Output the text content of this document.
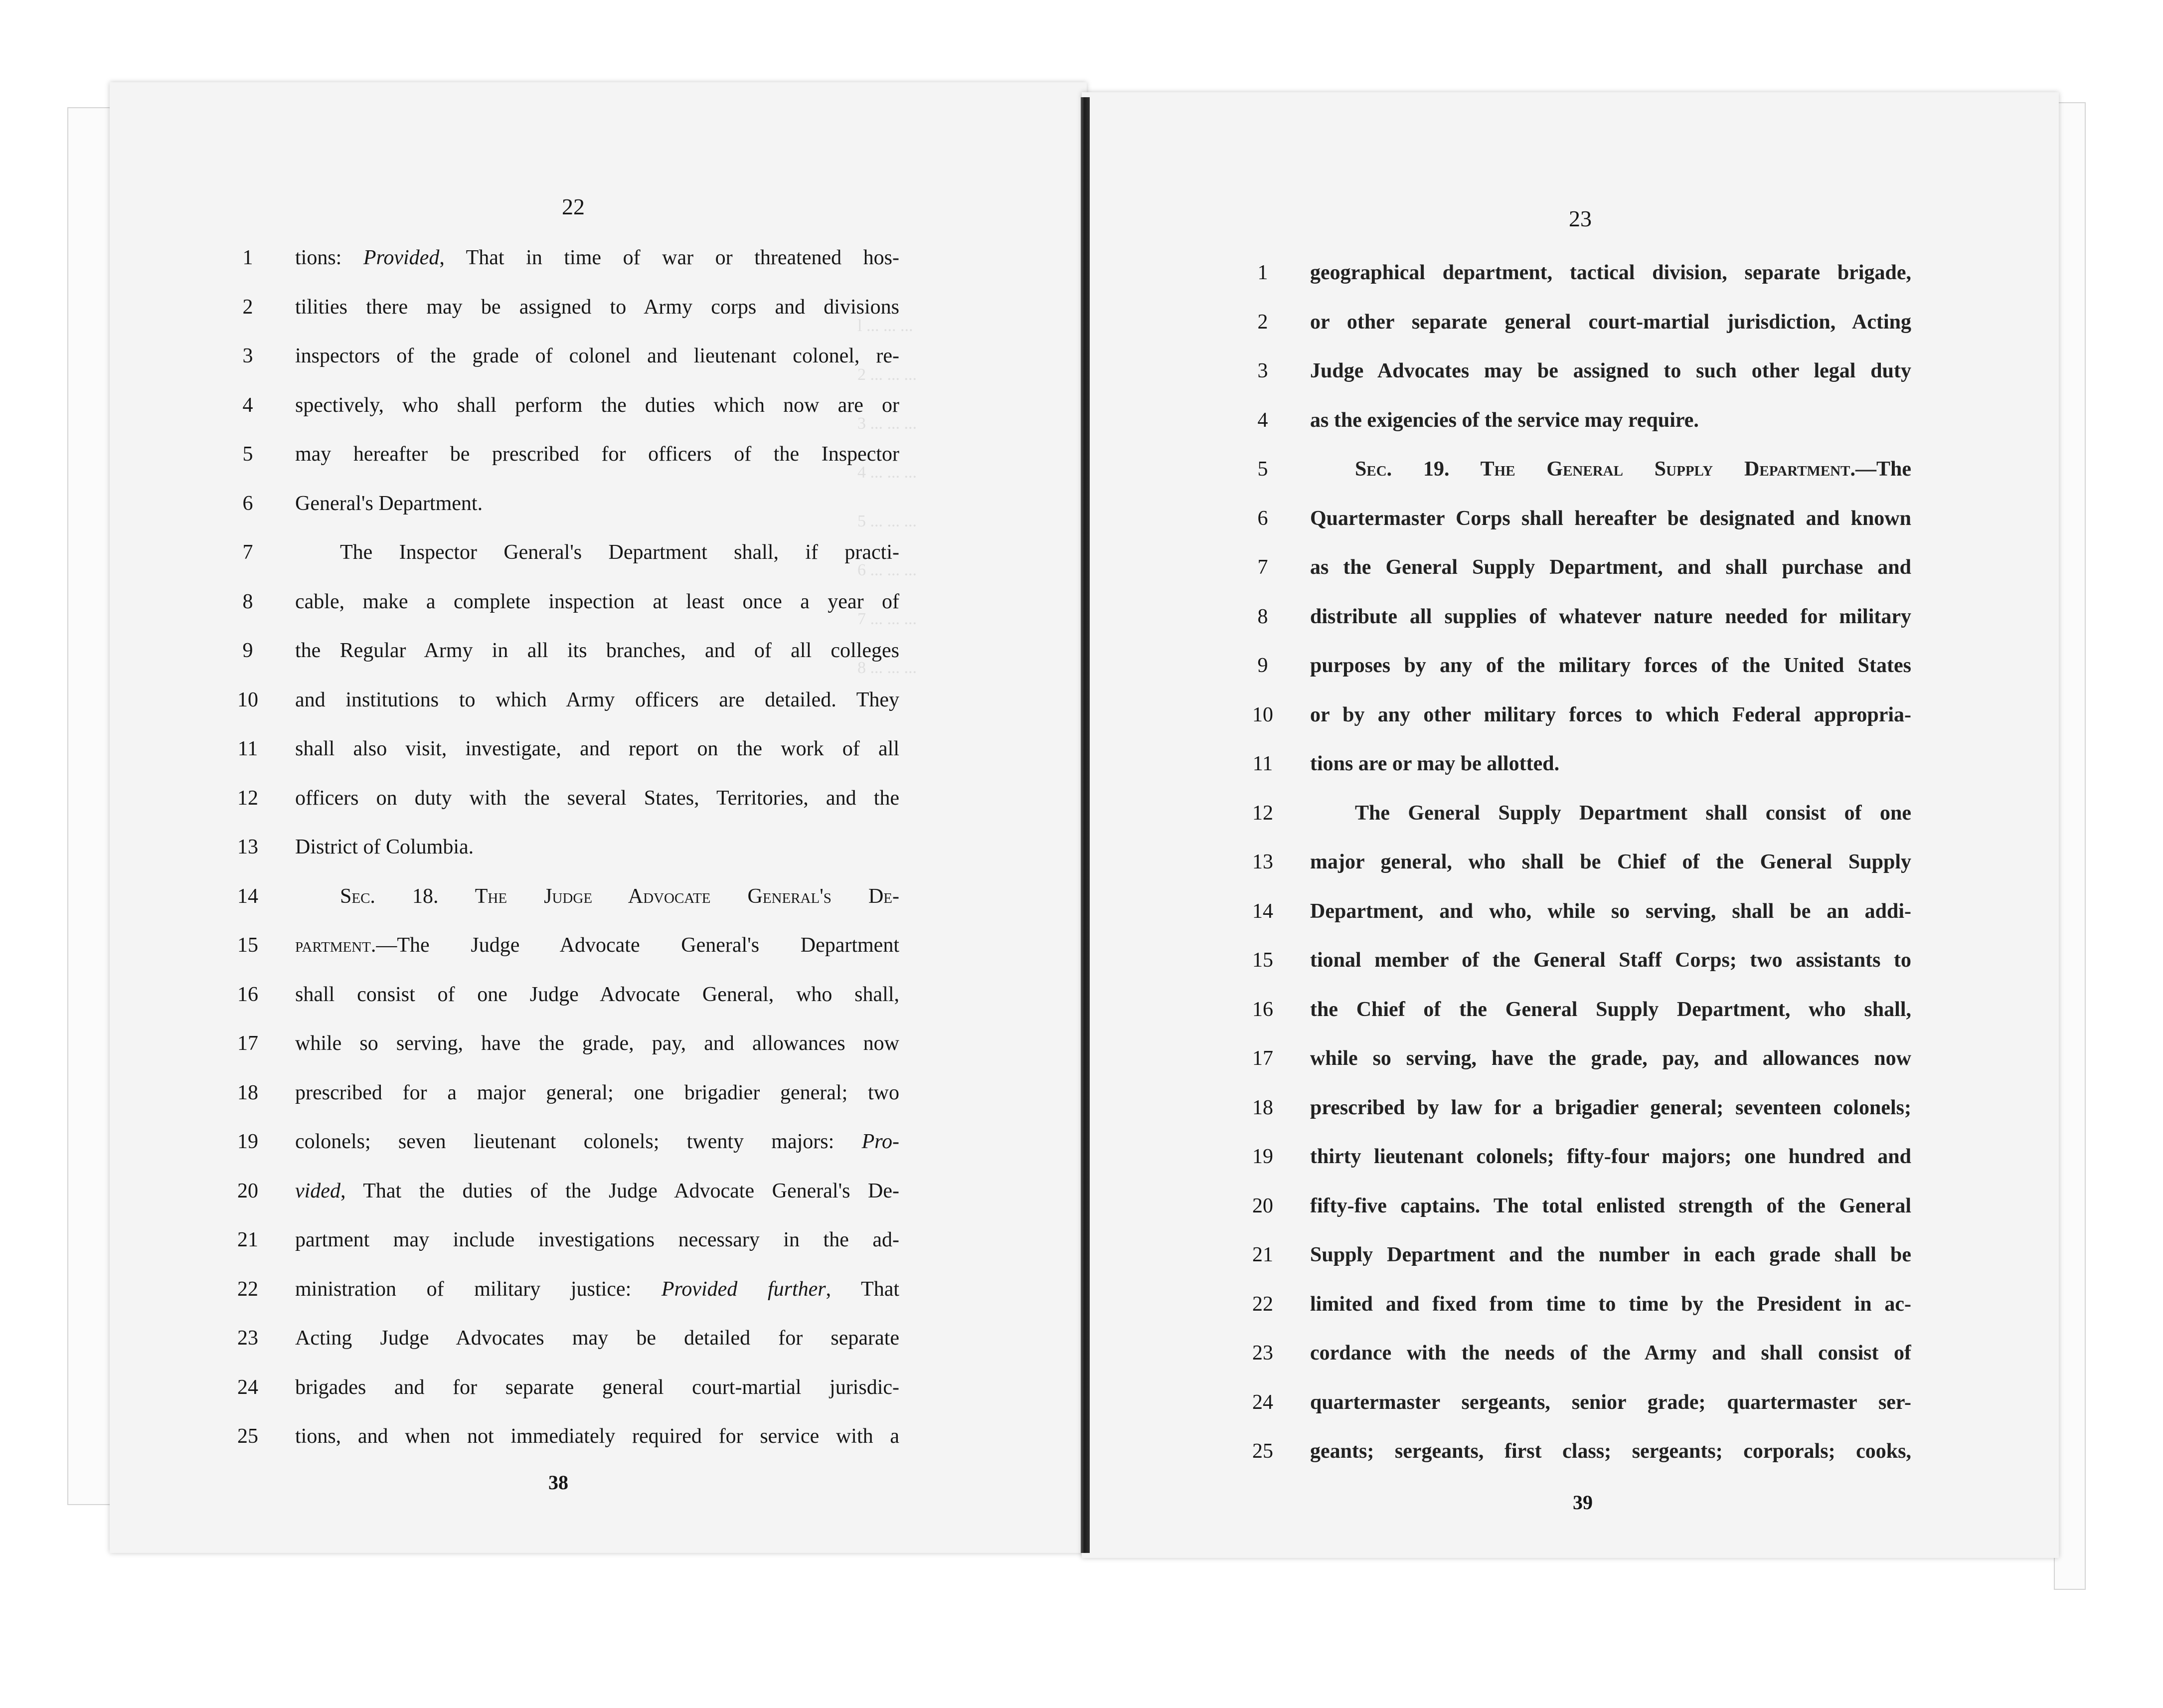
l ... ... ...
2 ... ... ...
3 ... ... ...
4 ... ... ...
5 ... ... ...
6 ... ... ...
7 ... ... ...
8 ... ... ...
22	23
1	tions: Provided, That in time of war or threatened hos-
2	tilities there may be assigned to Army corps and divisions
3	inspectors of the grade of colonel and lieutenant colonel, re-
4	spectively, who shall perform the duties which now are or
5	may hereafter be prescribed for officers of the Inspector
6	General's Department.
7	The Inspector General's Department shall, if practi-
8	cable, make a complete inspection at least once a year of
9	the Regular Army in all its branches, and of all colleges
10	and institutions to which Army officers are detailed. They
11	shall also visit, investigate, and report on the work of all
12	officers on duty with the several States, Territories, and the
13	District of Columbia.
14	Sec. 18. The Judge Advocate General's De-
15	partment.—The Judge Advocate General's Department
16	shall consist of one Judge Advocate General, who shall,
17	while so serving, have the grade, pay, and allowances now
18	prescribed for a major general; one brigadier general; two
19	colonels; seven lieutenant colonels; twenty majors: Pro-
20	vided, That the duties of the Judge Advocate General's De-
21	partment may include investigations necessary in the ad-
22	ministration of military justice: Provided further, That
23	Acting Judge Advocates may be detailed for separate
24	brigades and for separate general court-martial jurisdic-
25	tions, and when not immediately required for service with a
1	geographical department, tactical division, separate brigade,
2	or other separate general court-martial jurisdiction, Acting
3	Judge Advocates may be assigned to such other legal duty
4	as the exigencies of the service may require.
5	Sec. 19. The General Supply Department.—The
6	Quartermaster Corps shall hereafter be designated and known
7	as the General Supply Department, and shall purchase and
8	distribute all supplies of whatever nature needed for military
9	purposes by any of the military forces of the United States
10	or by any other military forces to which Federal appropria-
11	tions are or may be allotted.
12	The General Supply Department shall consist of one
13	major general, who shall be Chief of the General Supply
14	Department, and who, while so serving, shall be an addi-
15	tional member of the General Staff Corps; two assistants to
16	the Chief of the General Supply Department, who shall,
17	while so serving, have the grade, pay, and allowances now
18	prescribed by law for a brigadier general; seventeen colonels;
19	thirty lieutenant colonels; fifty-four majors; one hundred and
20	fifty-five captains. The total enlisted strength of the General
21	Supply Department and the number in each grade shall be
22	limited and fixed from time to time by the President in ac-
23	cordance with the needs of the Army and shall consist of
24	quartermaster sergeants, senior grade; quartermaster ser-
25	geants; sergeants, first class; sergeants; corporals; cooks,
38
39
